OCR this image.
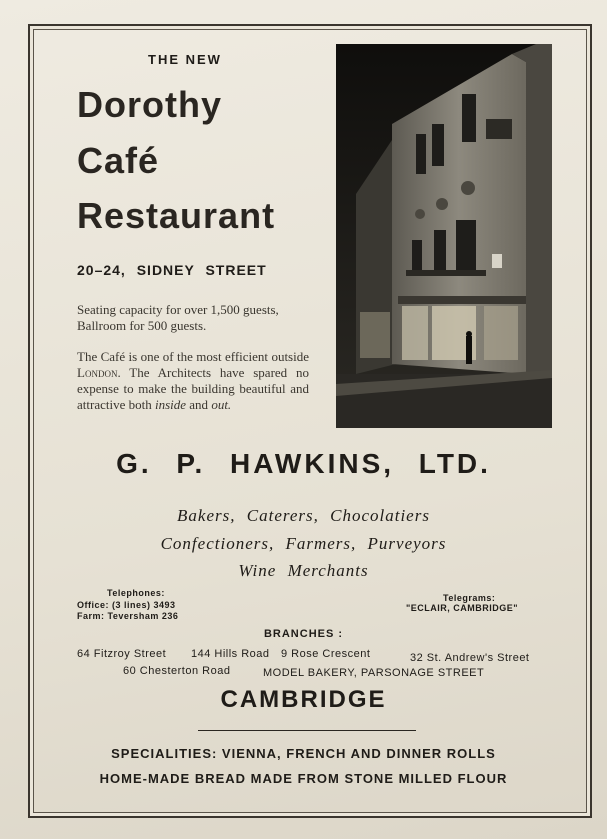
THE NEW
Dorothy
Café
Restaurant
20–24, SIDNEY STREET
Seating capacity for over 1,500 guests, Ballroom for 500 guests.
The Café is one of the most efficient outside London. The Architects have spared no expense to make the building beautiful and attractive both inside and out.
G. P. HAWKINS, LTD.
Bakers, Caterers, Chocolatiers
Confectioners, Farmers, Purveyors
Wine Merchants
Telephones:
Office: (3 lines) 3493
Farm: Teversham 236
Telegrams:
"ECLAIR, CAMBRIDGE"
BRANCHES :
64 Fitzroy Street 144 Hills Road 9 Rose Crescent	32 St. Andrew's Street
60 Chesterton Road	MODEL BAKERY, PARSONAGE STREET
CAMBRIDGE
SPECIALITIES: VIENNA, FRENCH AND DINNER ROLLS
HOME-MADE BREAD MADE FROM STONE MILLED FLOUR
